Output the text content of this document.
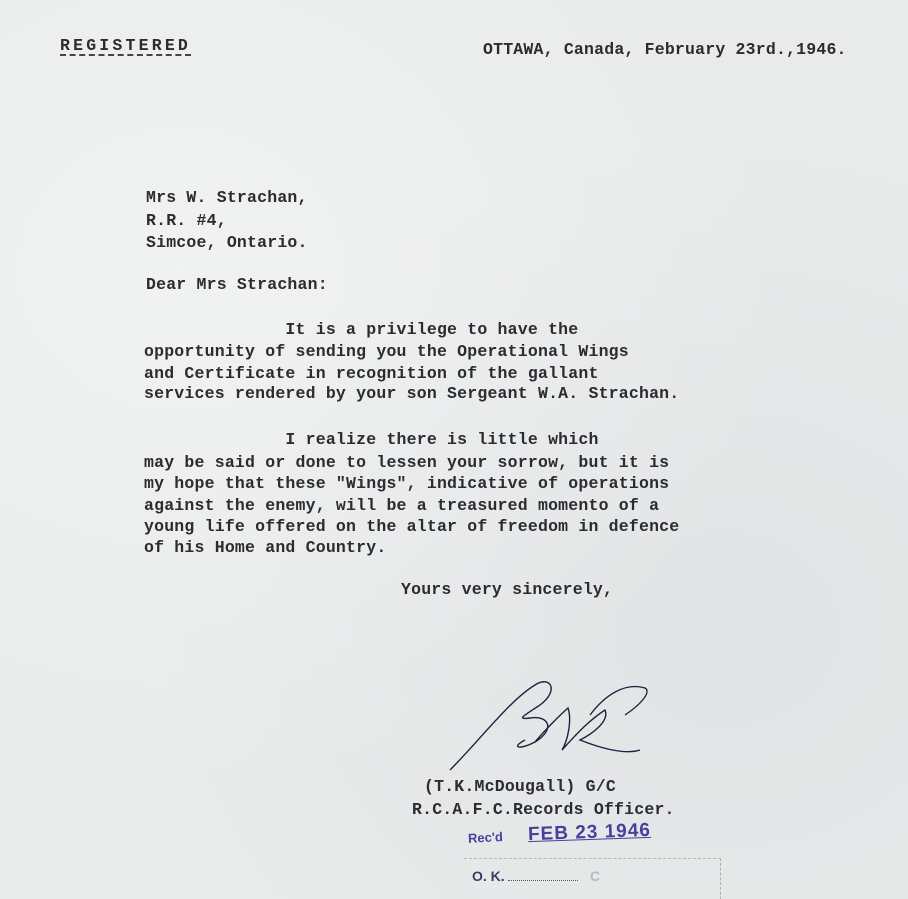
REGISTERED	OTTAWA, Canada, February 23rd.,1946.
Mrs W. Strachan,
R.R. #4,
Simcoe, Ontario.
Dear Mrs Strachan:
It is a privilege to have the
opportunity of sending you the Operational Wings
and Certificate in recognition of the gallant
services rendered by your son Sergeant W.A. Strachan.
I realize there is little which
may be said or done to lessen your sorrow, but it is
my hope that these "Wings", indicative of operations
against the enemy, will be a treasured momento of a
young life offered on the altar of freedom in defence
of his Home and Country.
Yours very sincerely,
(T.K.McDougall) G/C
R.C.A.F.C.Records Officer.
Rec'd FEB 23 1946
O. K.	C
